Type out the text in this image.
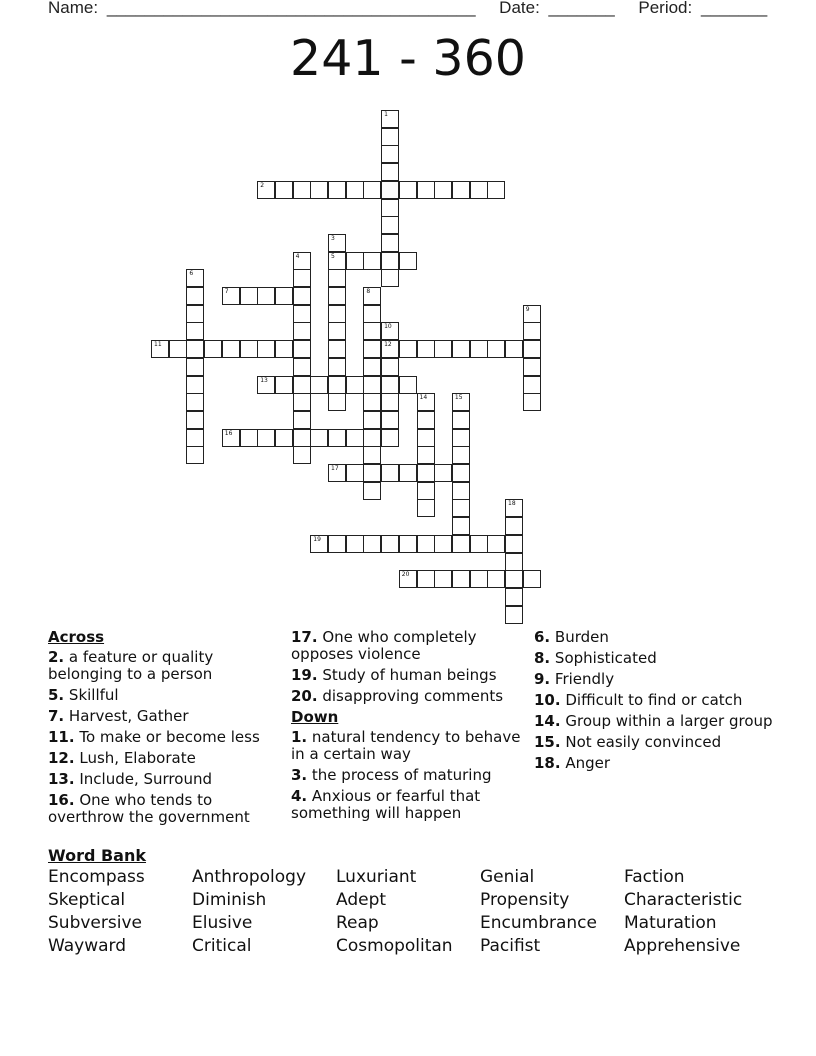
Name: _______________________________________ Date: _______ Period: _______
241 - 360
1
2
3
5
4
6
7	8
9
10
12
11
13
14	15
16
17
18
19
20
Across
2. a feature or quality belonging to a person
5. Skillful
7. Harvest, Gather
11. To make or become less
12. Lush, Elaborate
13. Include, Surround
16. One who tends to overthrow the government
17. One who completely opposes violence
19. Study of human beings
20. disapproving comments
Down
1. natural tendency to behave in a certain way
3. the process of maturing
4. Anxious or fearful that something will happen
6. Burden
8. Sophisticated
9. Friendly
10. Difficult to find or catch
14. Group within a larger group
15. Not easily convinced
18. Anger
Word Bank
Encompass	Anthropology	Luxuriant	Genial	Faction
Skeptical	Diminish	Adept	Propensity	Characteristic
Subversive	Elusive	Reap	Encumbrance	Maturation
Wayward	Critical	Cosmopolitan	Pacifist	Apprehensive
